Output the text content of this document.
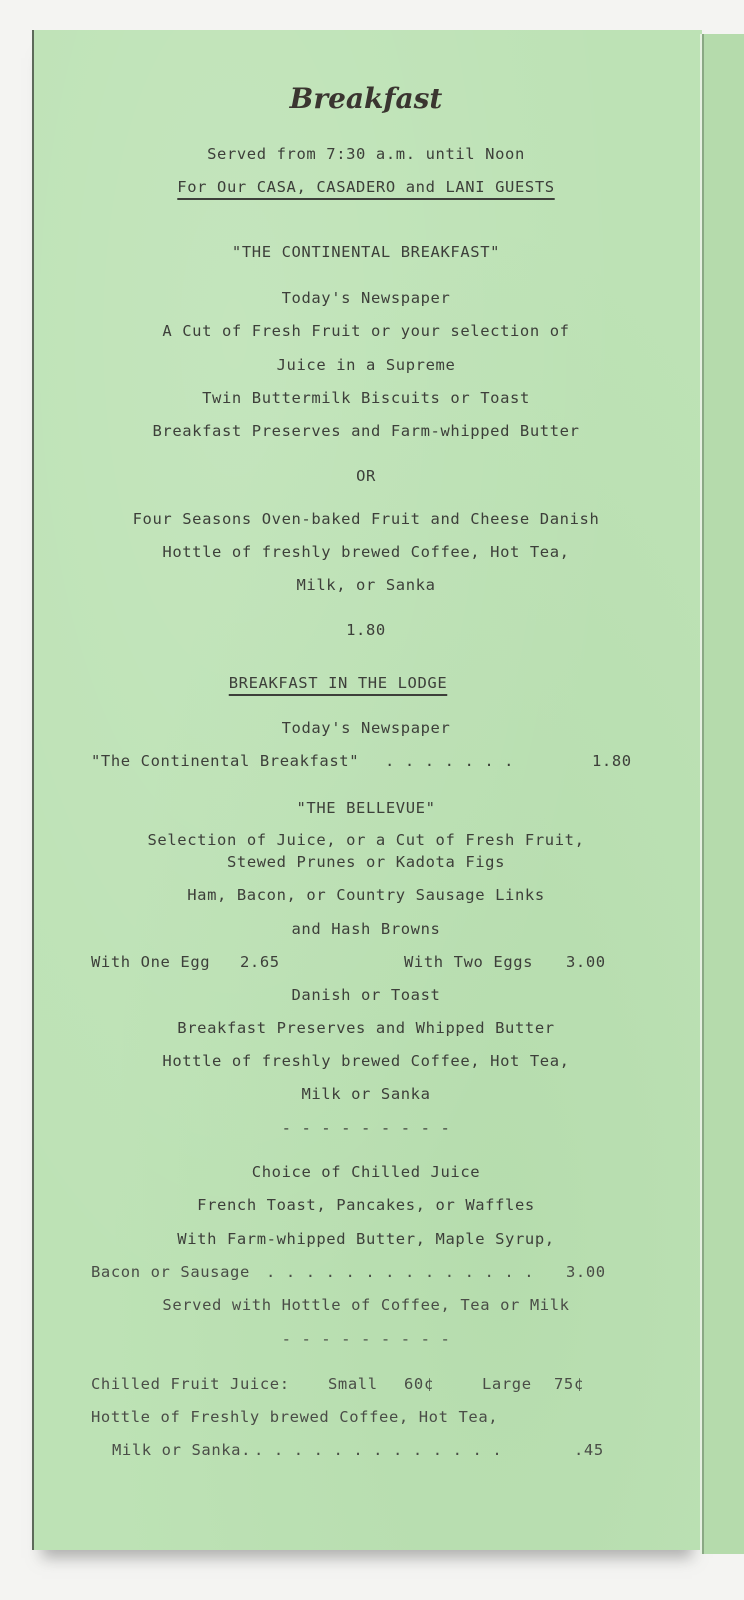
Breakfast
Served from 7:30 a.m. until Noon
For Our CASA, CASADERO and LANI GUESTS
"THE CONTINENTAL BREAKFAST"
Today's Newspaper
A Cut of Fresh Fruit or your selection of
Juice in a Supreme
Twin Buttermilk Biscuits or Toast
Breakfast Preserves and Farm-whipped Butter
OR
Four Seasons Oven-baked Fruit and Cheese Danish
Hottle of freshly brewed Coffee, Hot Tea,
Milk, or Sanka
1.80
BREAKFAST IN THE LODGE
Today's Newspaper
"The Continental Breakfast" . . . . . . .	1.80
"THE BELLEVUE"
Selection of Juice, or a Cut of Fresh Fruit,
Stewed Prunes or Kadota Figs
Ham, Bacon, or Country Sausage Links
and Hash Browns
With One Egg 2.65	With Two Eggs 3.00
Danish or Toast
Breakfast Preserves and Whipped Butter
Hottle of freshly brewed Coffee, Hot Tea,
Milk or Sanka
- - - - - - - - -
Choice of Chilled Juice
French Toast, Pancakes, or Waffles
With Farm-whipped Butter, Maple Syrup,
Bacon or Sausage . . . . . . . . . . . . . . 3.00
Served with Hottle of Coffee, Tea or Milk
- - - - - - - - -
Chilled Fruit Juice: Small 60¢	Large 75¢
Hottle of Freshly brewed Coffee, Hot Tea,
Milk or Sanka. . . . . . . . . . . . . .	.45
